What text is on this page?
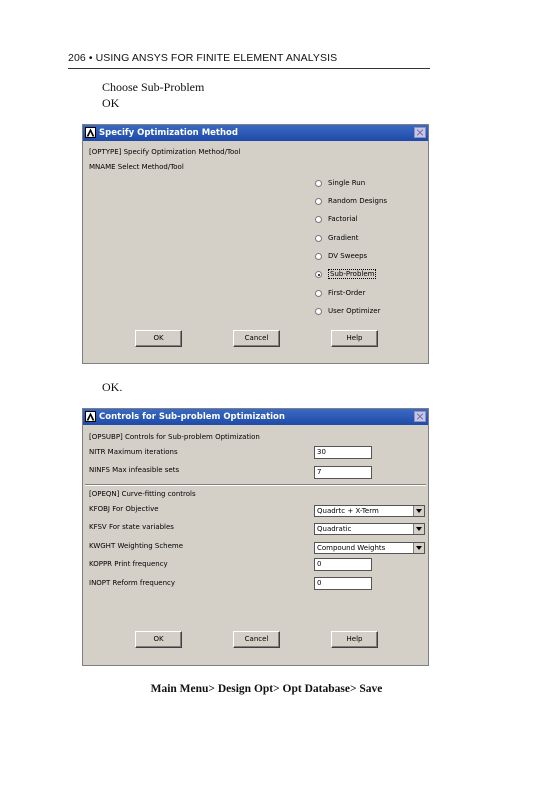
206 • USING ANSYS FOR FINITE ELEMENT ANALYSIS
Choose Sub-Problem
OK
Specify Optimization Method
[OPTYPE] Specify Optimization Method/Tool
MNAME Select Method/Tool
Single Run
Random Designs
Factorial
Gradient
DV Sweeps
Sub-Problem
First-Order
User Optimizer
OK	Cancel	Help
OK.
Controls for Sub-problem Optimization
[OPSUBP] Controls for Sub-problem Optimization
NITR Maximum iterations	30
NINFS Max infeasible sets	7
[OPEQN] Curve-fitting controls
KFOBJ For Objective	Quadrtc + X-Term
KFSV For state variables	Quadratic
KWGHT Weighting Scheme	Compound Weights
KOPPR Print frequency	0
INOPT Reform frequency	0
OK	Cancel	Help
Main Menu> Design Opt> Opt Database> Save
